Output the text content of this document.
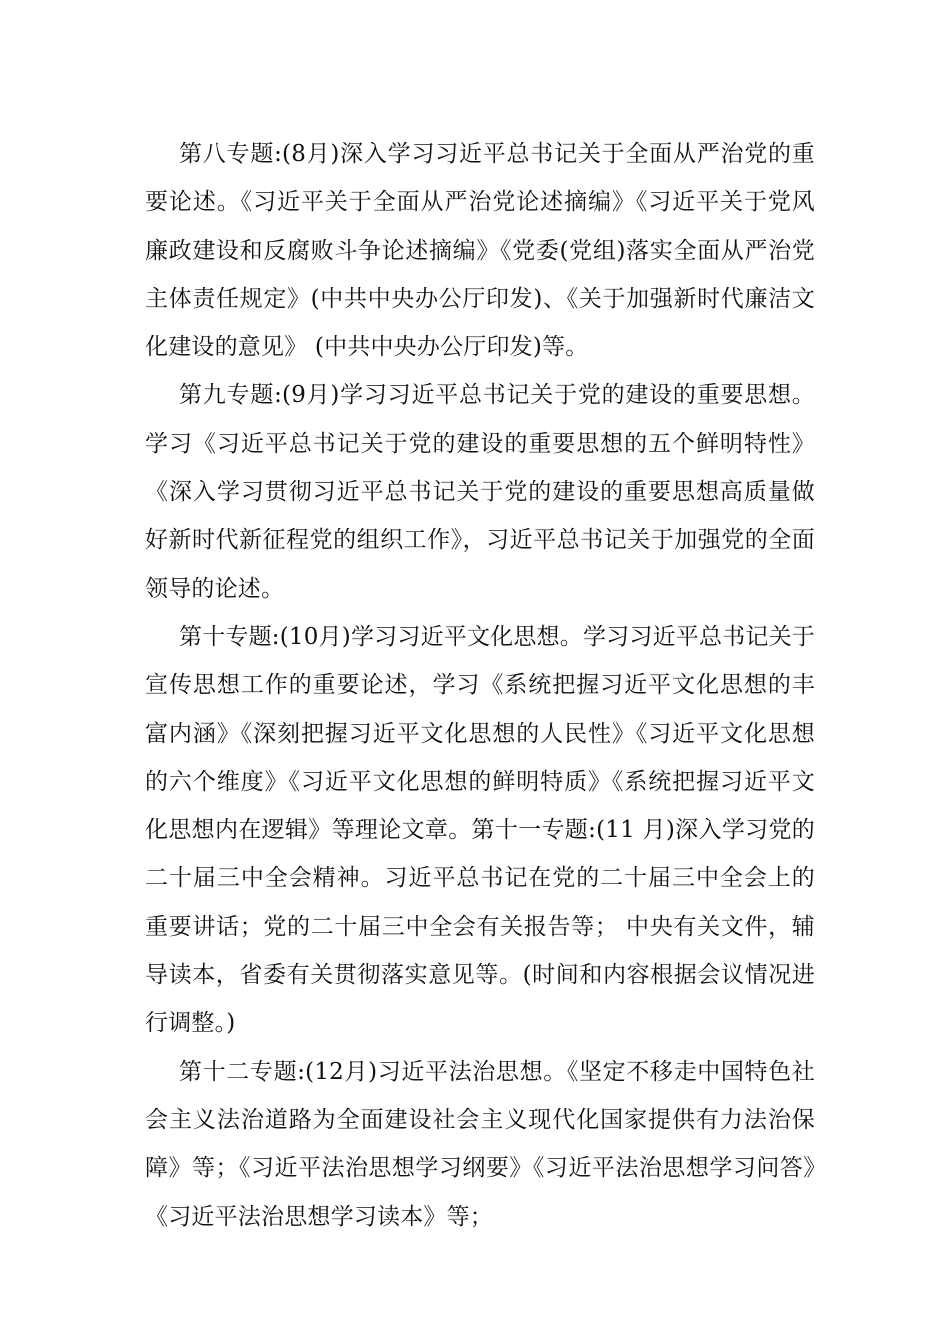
第八专题:(8月)深入学习习近平总书记关于全面从严治党的重要论述。《习近平关于全面从严治党论述摘编》《习近平关于党风廉政建设和反腐败斗争论述摘编》《党委(党组)落实全面从严治党主体责任规定》(中共中央办公厅印发)、《关于加强新时代廉洁文化建设的意见》 (中共中央办公厅印发)等。

第九专题:(9月)学习习近平总书记关于党的建设的重要思想。学习《习近平总书记关于党的建设的重要思想的五个鲜明特性》《深入学习贯彻习近平总书记关于党的建设的重要思想高质量做好新时代新征程党的组织工作》，习近平总书记关于加强党的全面领导的论述。

第十专题:(10月)学习习近平文化思想。学习习近平总书记关于宣传思想工作的重要论述，学习《系统把握习近平文化思想的丰富内涵》《深刻把握习近平文化思想的人民性》《习近平文化思想的六个维度》《习近平文化思想的鲜明特质》《系统把握习近平文化思想内在逻辑》等理论文章。第十一专题:(11 月)深入学习党的二十届三中全会精神。习近平总书记在党的二十届三中全会上的重要讲话；党的二十届三中全会有关报告等； 中央有关文件，辅导读本，省委有关贯彻落实意见等。(时间和内容根据会议情况进行调整。)

第十二专题:(12月)习近平法治思想。《坚定不移走中国特色社会主义法治道路为全面建设社会主义现代化国家提供有力法治保障》等；《习近平法治思想学习纲要》《习近平法治思想学习问答》《习近平法治思想学习读本》等；
